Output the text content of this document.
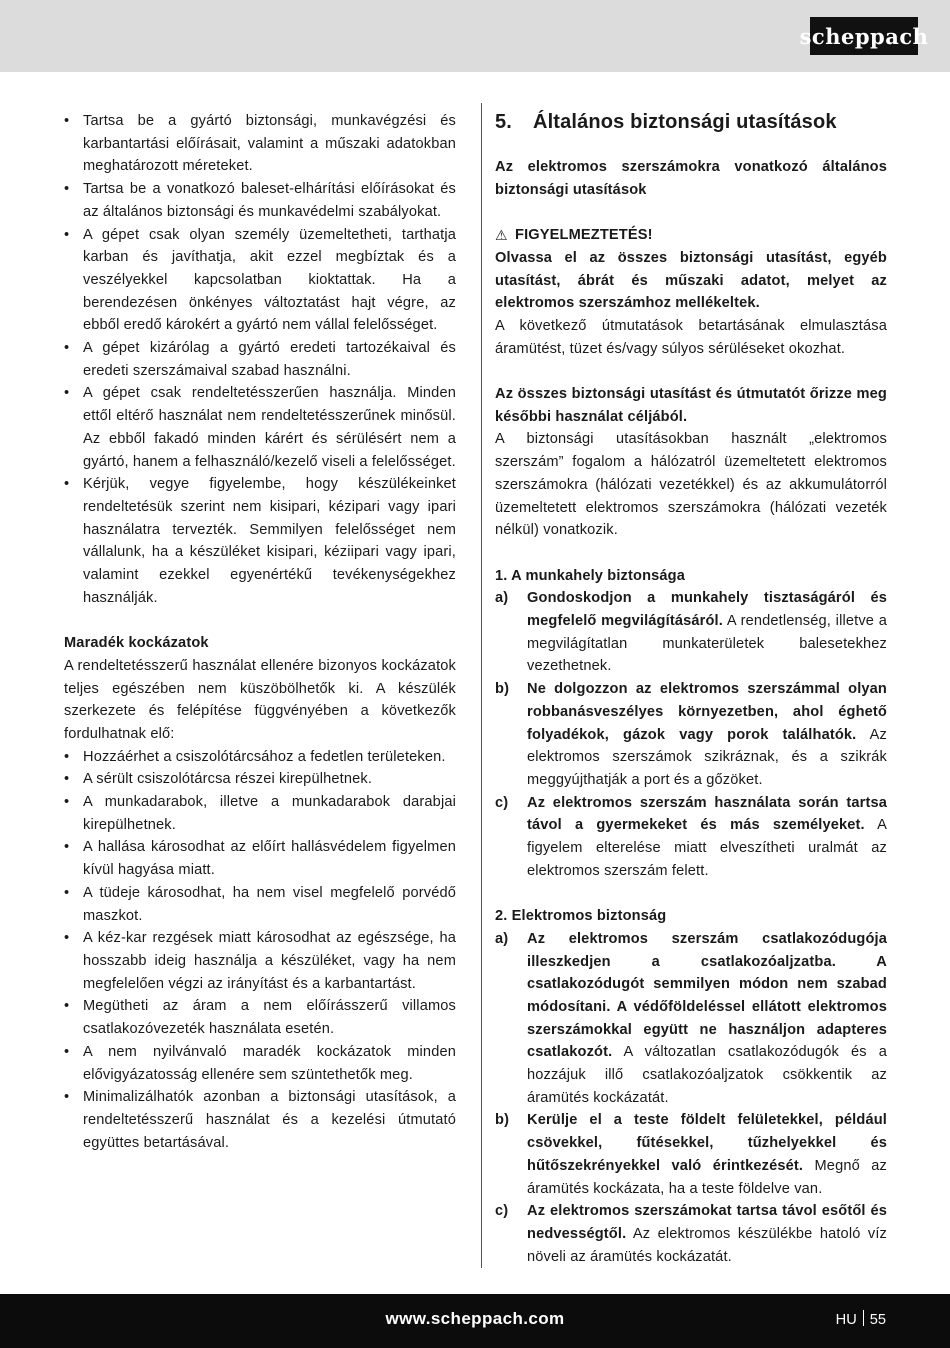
scheppach
• Tartsa be a gyártó biztonsági, munkavégzési és karbantartási előírásait, valamint a műszaki adatokban meghatározott méreteket.
• Tartsa be a vonatkozó baleset-elhárítási előírásokat és az általános biztonsági és munkavédelmi szabályokat.
• A gépet csak olyan személy üzemeltetheti, tarthatja karban és javíthatja, akit ezzel megbíztak és a veszélyekkel kapcsolatban kioktattak. Ha a berendezésen önkényes változtatást hajt végre, az ebből eredő károkért a gyártó nem vállal felelősséget.
• A gépet kizárólag a gyártó eredeti tartozékaival és eredeti szerszámaival szabad használni.
• A gépet csak rendeltetésszerűen használja. Minden ettől eltérő használat nem rendeltetésszerűnek minősül. Az ebből fakadó minden kárért és sérülésért nem a gyártó, hanem a felhasználó/kezelő viseli a felelősséget.
• Kérjük, vegye figyelembe, hogy készülékeinket rendeltetésük szerint nem kisipari, kézipari vagy ipari használatra tervezték. Semmilyen felelősséget nem vállalunk, ha a készüléket kisipari, kéziipari vagy ipari, valamint ezekkel egyenértékű tevékenységekhez használják.

Maradék kockázatok

A rendeltetésszerű használat ellenére bizonyos kockázatok teljes egészében nem küszöbölhetők ki. A készülék szerkezete és felépítése függvényében a következők fordulhatnak elő:

• Hozzáérhet a csiszolótárcsához a fedetlen területeken.
• A sérült csiszolótárcsa részei kirepülhetnek.
• A munkadarabok, illetve a munkadarabok darabjai kirepülhetnek.
• A hallása károsodhat az előírt hallásvédelem figyelmen kívül hagyása miatt.
• A tüdeje károsodhat, ha nem visel megfelelő porvédő maszkot.
• A kéz-kar rezgések miatt károsodhat az egészsége, ha hosszabb ideig használja a készüléket, vagy ha nem megfelelően végzi az irányítást és a karbantartást.
• Megütheti az áram a nem előírásszerű villamos csatlakozóvezeték használata esetén.
• A nem nyilvánvaló maradék kockázatok minden elővigyázatosság ellenére sem szüntethetők meg.
• Minimalizálhatók azonban a biztonsági utasítások, a rendeltetésszerű használat és a kezelési útmutató együttes betartásával.
5. Általános biztonsági utasítások

Az elektromos szerszámokra vonatkozó általános biztonsági utasítások

⚠ FIGYELMEZTETÉS!

Olvassa el az összes biztonsági utasítást, egyéb utasítást, ábrát és műszaki adatot, melyet az elektromos szerszámhoz mellékeltek.

A következő útmutatások betartásának elmulasztása áramütést, tüzet és/vagy súlyos sérüléseket okozhat.

Az összes biztonsági utasítást és útmutatót őrizze meg későbbi használat céljából.

A biztonsági utasításokban használt „elektromos szerszám” fogalom a hálózatról üzemeltetett elektromos szerszámokra (hálózati vezetékkel) és az akkumulátorról üzemeltetett elektromos szerszámokra (hálózati vezeték nélkül) vonatkozik.

1. A munkahely biztonsága

a) Gondoskodjon a munkahely tisztaságáról és megfelelő megvilágításáról. A rendetlenség, illetve a megvilágítatlan munkaterületek balesetekhez vezethetnek.
b) Ne dolgozzon az elektromos szerszámmal olyan robbanásveszélyes környezetben, ahol éghető folyadékok, gázok vagy porok találhatók. Az elektromos szerszámok szikráznak, és a szikrák meggyújthatják a port és a gőzöket.
c) Az elektromos szerszám használata során tartsa távol a gyermekeket és más személyeket. A figyelem elterelése miatt elveszítheti uralmát az elektromos szerszám felett.

2. Elektromos biztonság

a) Az elektromos szerszám csatlakozódugója illeszkedjen a csatlakozóaljzatba. A csatlakozódugót semmilyen módon nem szabad módosítani. A védőföldeléssel ellátott elektromos szerszámokkal együtt ne használjon adapteres csatlakozót. A változatlan csatlakozódugók és a hozzájuk illő csatlakozóaljzatok csökkentik az áramütés kockázatát.
b) Kerülje el a teste földelt felületekkel, például csövekkel, fűtésekkel, tűzhelyekkel és hűtőszekrényekkel való érintkezését. Megnő az áramütés kockázata, ha a teste földelve van.
c) Az elektromos szerszámokat tartsa távol esőtől és nedvességtől. Az elektromos készülékbe hatoló víz növeli az áramütés kockázatát.
www.scheppach.com	HU 55
